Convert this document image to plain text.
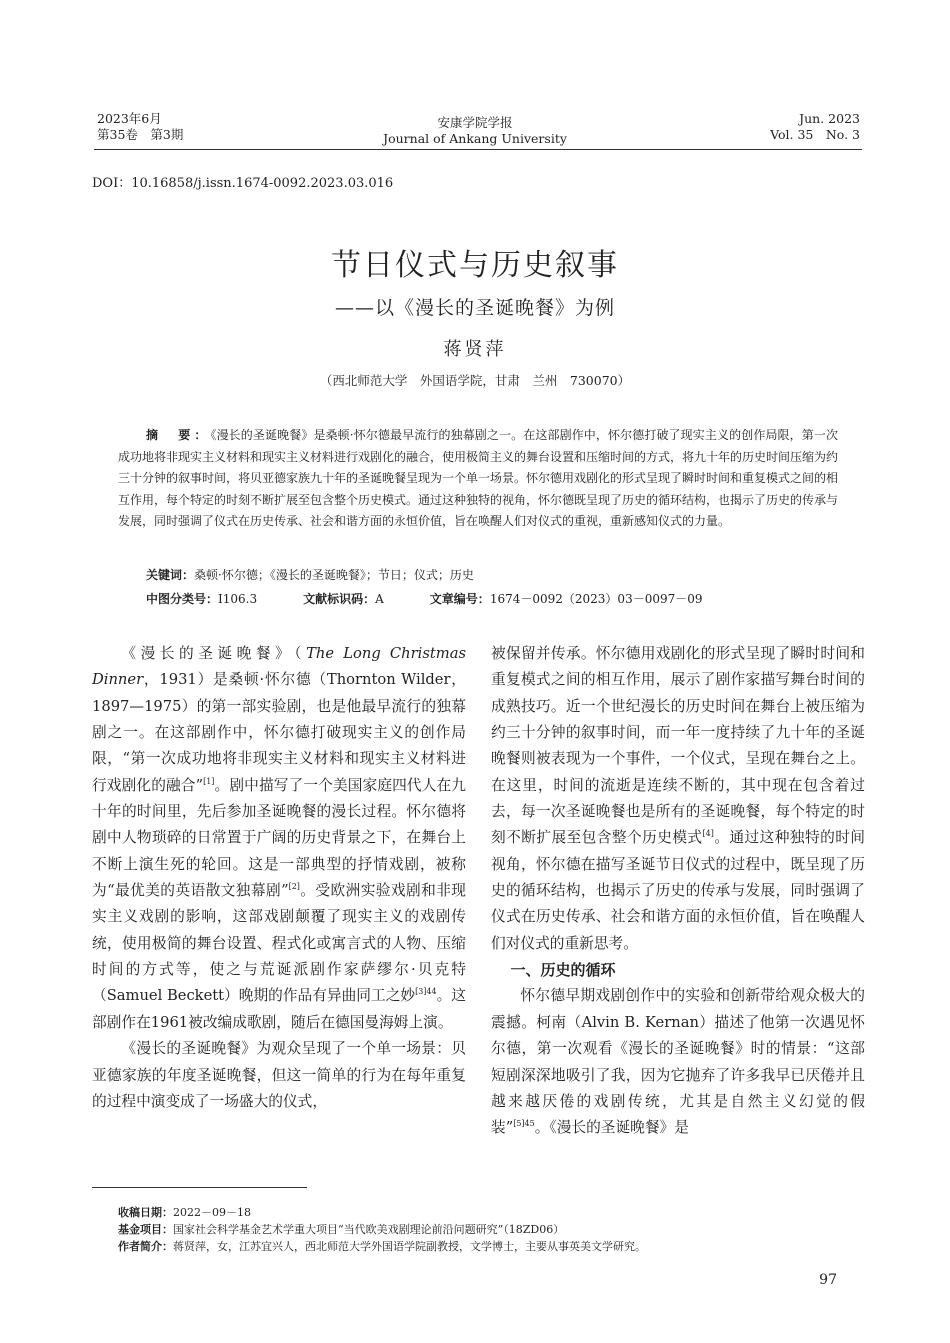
2023年6月
第35卷　第3期
安康学院学报
Journal of Ankang University
Jun. 2023
Vol. 35　No. 3
DOI：10.16858/j.issn.1674-0092.2023.03.016
节日仪式与历史叙事
——以《漫长的圣诞晚餐》为例
蒋贤萍
（西北师范大学　外国语学院，甘肃　兰州　730070）
摘　要：《漫长的圣诞晚餐》是桑顿·怀尔德最早流行的独幕剧之一。在这部剧作中，怀尔德打破了现实主义的创作局限，第一次成功地将非现实主义材料和现实主义材料进行戏剧化的融合，使用极简主义的舞台设置和压缩时间的方式，将九十年的历史时间压缩为约三十分钟的叙事时间，将贝亚德家族九十年的圣诞晚餐呈现为一个单一场景。怀尔德用戏剧化的形式呈现了瞬时时间和重复模式之间的相互作用，每个特定的时刻不断扩展至包含整个历史模式。通过这种独特的视角，怀尔德既呈现了历史的循环结构，也揭示了历史的传承与发展，同时强调了仪式在历史传承、社会和谐方面的永恒价值，旨在唤醒人们对仪式的重视，重新感知仪式的力量。
关键词：桑顿·怀尔德；《漫长的圣诞晚餐》；节日；仪式；历史
中图分类号：I106.3	文献标识码：A	文章编号：1674－0092（2023）03－0097－09

《漫长的圣诞晚餐》（The Long Christmas Dinner，1931）是桑顿·怀尔德（Thornton Wilder，1897—1975）的第一部实验剧，也是他最早流行的独幕剧之一。在这部剧作中，怀尔德打破现实主义的创作局限，“第一次成功地将非现实主义材料和现实主义材料进行戏剧化的融合”[1]。剧中描写了一个美国家庭四代人在九十年的时间里，先后参加圣诞晚餐的漫长过程。怀尔德将剧中人物琐碎的日常置于广阔的历史背景之下，在舞台上不断上演生死的轮回。这是一部典型的抒情戏剧，被称为“最优美的英语散文独幕剧”[2]。受欧洲实验戏剧和非现实主义戏剧的影响，这部戏剧颠覆了现实主义的戏剧传统，使用极简的舞台设置、程式化或寓言式的人物、压缩时间的方式等，使之与荒诞派剧作家萨缪尔·贝克特（Samuel Beckett）晚期的作品有异曲同工之妙$^{[3]44}$。这部剧作在1961被改编成歌剧，随后在德国曼海姆上演。

《漫长的圣诞晚餐》为观众呈现了一个单一场景：贝亚德家族的年度圣诞晚餐，但这一简单的行为在每年重复的过程中演变成了一场盛大的仪式，

被保留并传承。怀尔德用戏剧化的形式呈现了瞬时时间和重复模式之间的相互作用，展示了剧作家描写舞台时间的成熟技巧。近一个世纪漫长的历史时间在舞台上被压缩为约三十分钟的叙事时间，而一年一度持续了九十年的圣诞晚餐则被表现为一个事件，一个仪式，呈现在舞台之上。在这里，时间的流逝是连续不断的，其中现在包含着过去，每一次圣诞晚餐也是所有的圣诞晚餐，每个特定的时刻不断扩展至包含整个历史模式[4]。通过这种独特的时间视角，怀尔德在描写圣诞节日仪式的过程中，既呈现了历史的循环结构，也揭示了历史的传承与发展，同时强调了仪式在历史传承、社会和谐方面的永恒价值，旨在唤醒人们对仪式的重新思考。

一、历史的循环

怀尔德早期戏剧创作中的实验和创新带给观众极大的震撼。柯南（Alvin B. Kernan）描述了他第一次遇见怀尔德，第一次观看《漫长的圣诞晚餐》时的情景：“这部短剧深深地吸引了我，因为它抛弃了许多我早已厌倦并且越来越厌倦的戏剧传统，尤其是自然主义幻觉的假装”$^{[5]45}$。《漫长的圣诞晚餐》是

收稿日期：2022－09－18
基金项目：国家社会科学基金艺术学重大项目“当代欧美戏剧理论前沿问题研究”（18ZD06）
作者简介：蒋贤萍，女，江苏宜兴人，西北师范大学外国语学院副教授，文学博士，主要从事英美文学研究。
97
